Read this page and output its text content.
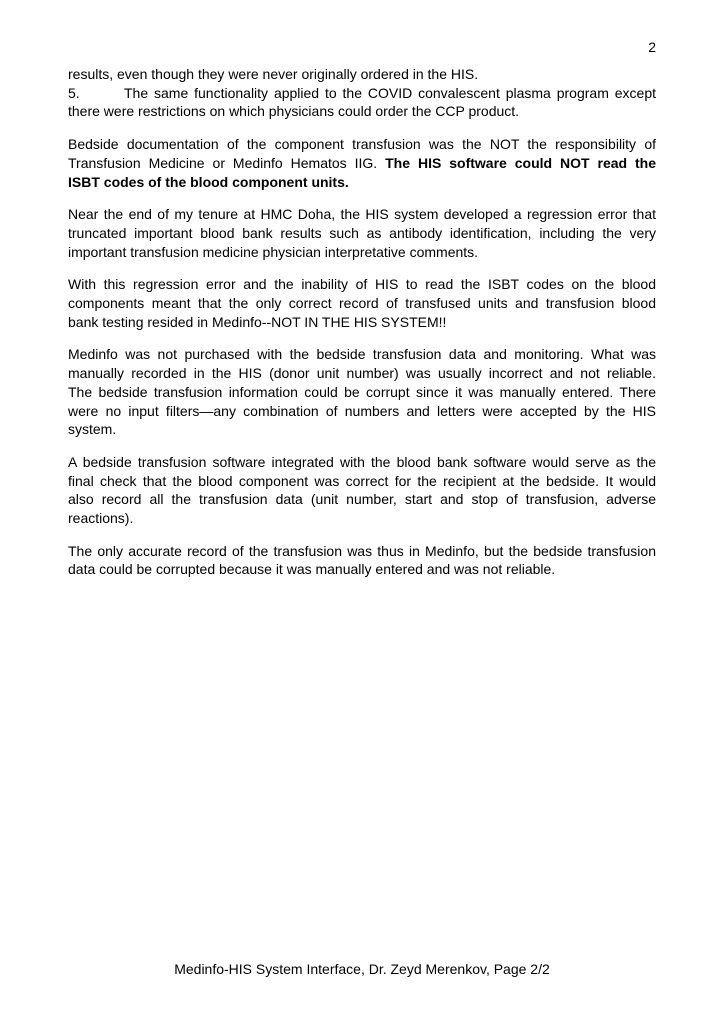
2
results, even though they were never originally ordered in the HIS.
5.	The same functionality applied to the COVID convalescent plasma program except
there were restrictions on which physicians could order the CCP product.
Bedside documentation of the component transfusion was the NOT the responsibility of
Transfusion Medicine or Medinfo Hematos IIG. The HIS software could NOT read the
ISBT codes of the blood component units.
Near the end of my tenure at HMC Doha, the HIS system developed a regression error that
truncated important blood bank results such as antibody identification, including the very
important transfusion medicine physician interpretative comments.
With this regression error and the inability of HIS to read the ISBT codes on the blood
components meant that the only correct record of transfused units and transfusion blood
bank testing resided in Medinfo--NOT IN THE HIS SYSTEM!!
Medinfo was not purchased with the bedside transfusion data and monitoring. What was
manually recorded in the HIS (donor unit number) was usually incorrect and not reliable.
The bedside transfusion information could be corrupt since it was manually entered. There
were no input filters—any combination of numbers and letters were accepted by the HIS
system.
A bedside transfusion software integrated with the blood bank software would serve as the
final check that the blood component was correct for the recipient at the bedside. It would
also record all the transfusion data (unit number, start and stop of transfusion, adverse
reactions).
The only accurate record of the transfusion was thus in Medinfo, but the bedside transfusion
data could be corrupted because it was manually entered and was not reliable.
Medinfo-HIS System Interface, Dr. Zeyd Merenkov, Page 2/2
